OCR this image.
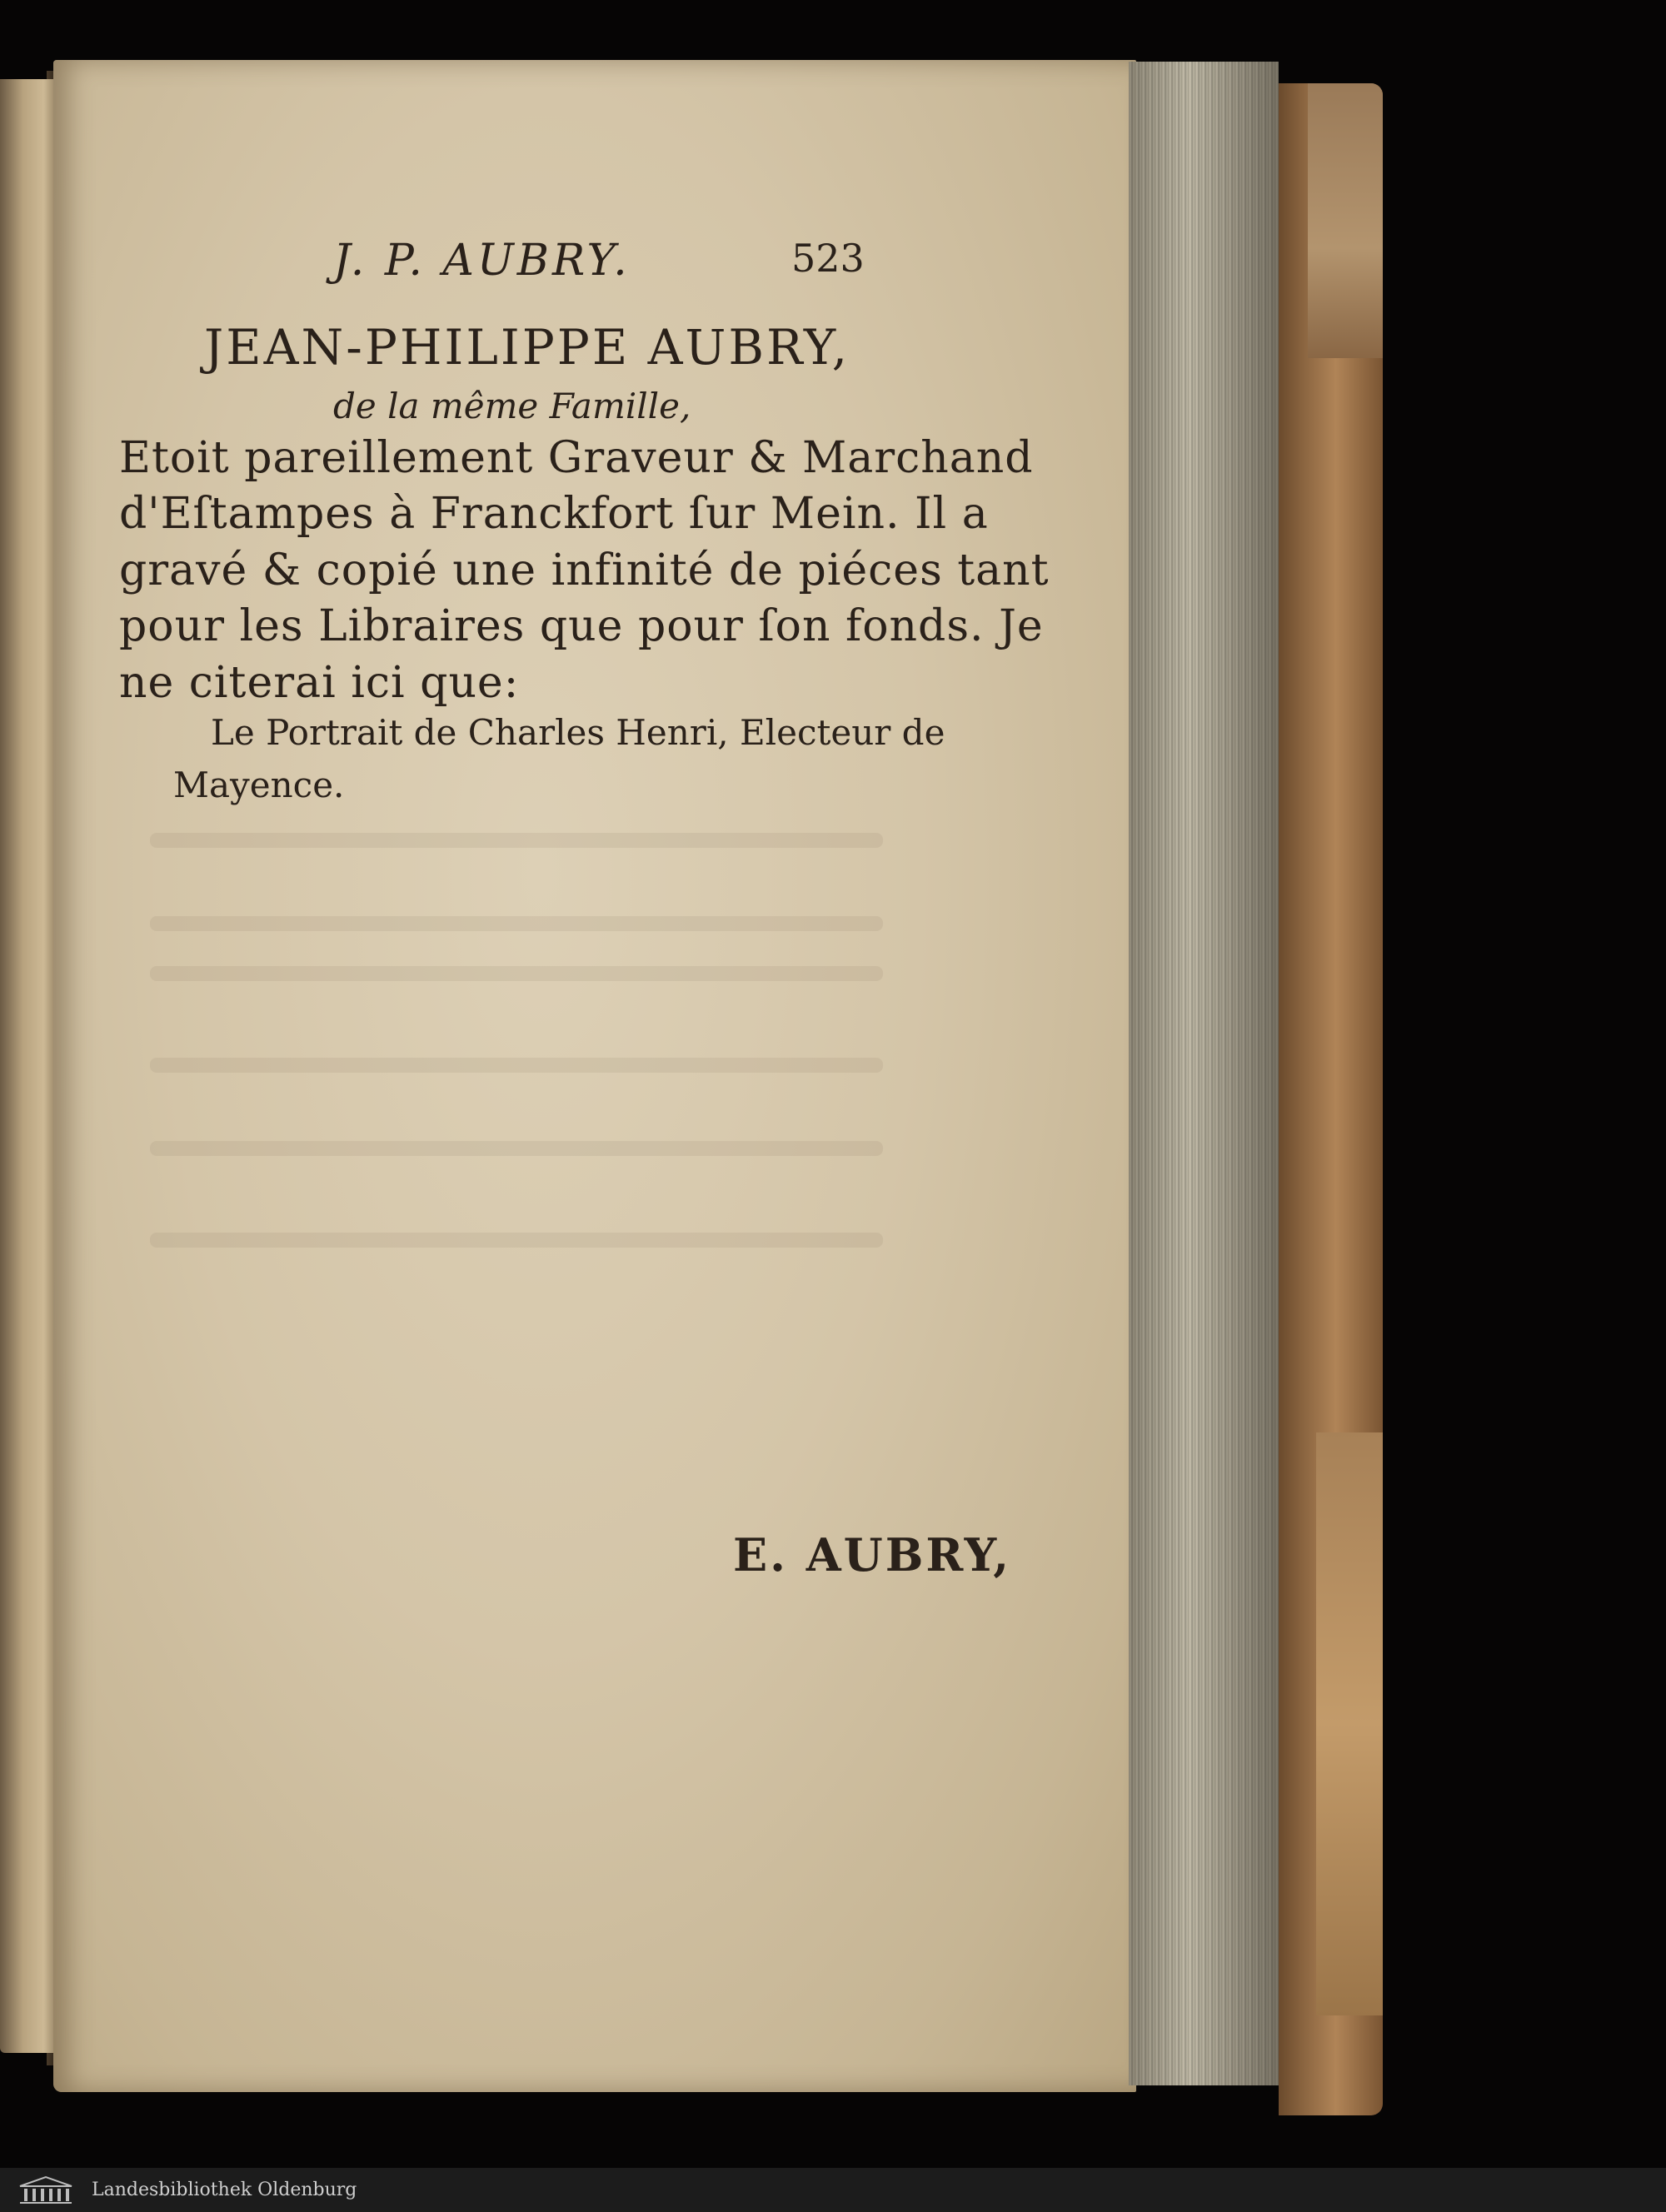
J. P. AUBRY.	523
JEAN-PHILIPPE AUBRY,
de la même Famille,
Etoit pareillement Graveur & Marchand
d'Eſtampes à Franckfort ſur Mein. Il a
gravé & copié une infinité de piéces tant
pour les Libraires que pour ſon fonds. Je
ne citerai ici que:
Le Portrait de Charles Henri, Electeur de
Mayence.
E. AUBRY,
Landesbibliothek Oldenburg
